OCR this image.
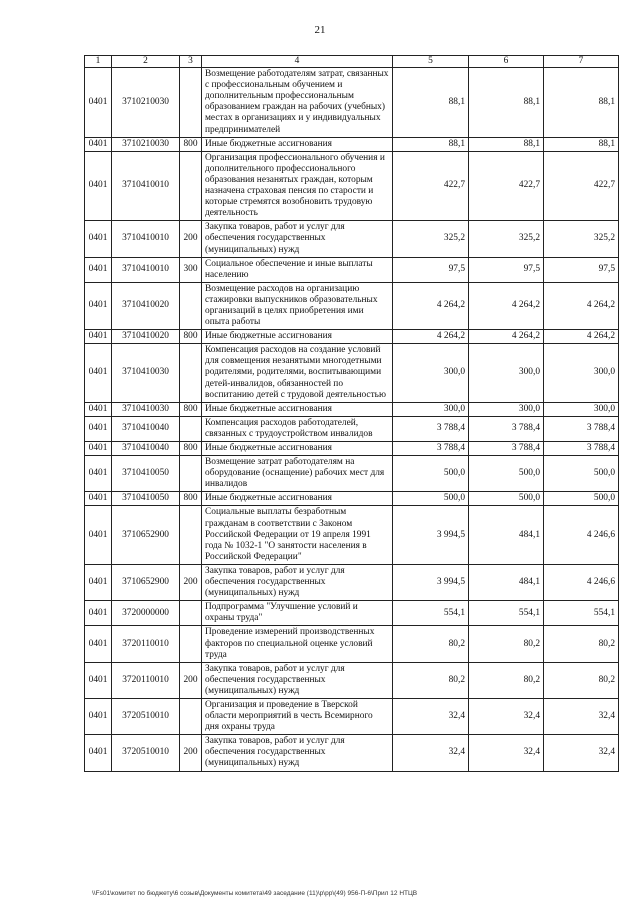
21
1	2	3	4	5	6	7
0401	3710210030		Возмещение работодателям затрат, связанных с профессиональным обучением и дополнительным профессиональным образованием граждан на рабочих (учебных) местах в организациях и у индивидуальных предпринимателей	88,1	88,1	88,1
0401	3710210030	800	Иные бюджетные ассигнования	88,1	88,1	88,1
0401	3710410010		Организация профессионального обучения и дополнительного профессионального образования незанятых граждан, которым назначена страховая пенсия по старости и которые стремятся возобновить трудовую деятельность	422,7	422,7	422,7
0401	3710410010	200	Закупка товаров, работ и услуг для обеспечения государственных (муниципальных) нужд	325,2	325,2	325,2
0401	3710410010	300	Социальное обеспечение и иные выплаты населению	97,5	97,5	97,5
0401	3710410020		Возмещение расходов на организацию стажировки выпускников образовательных организаций в целях приобретения ими опыта работы	4 264,2	4 264,2	4 264,2
0401	3710410020	800	Иные бюджетные ассигнования	4 264,2	4 264,2	4 264,2
0401	3710410030		Компенсация расходов на создание условий для совмещения незанятыми многодетными родителями, родителями, воспитывающими детей-инвалидов, обязанностей по воспитанию детей с трудовой деятельностью	300,0	300,0	300,0
0401	3710410030	800	Иные бюджетные ассигнования	300,0	300,0	300,0
0401	3710410040		Компенсация расходов работодателей, связанных с трудоустройством инвалидов	3 788,4	3 788,4	3 788,4
0401	3710410040	800	Иные бюджетные ассигнования	3 788,4	3 788,4	3 788,4
0401	3710410050		Возмещение затрат работодателям на оборудование (оснащение) рабочих мест для инвалидов	500,0	500,0	500,0
0401	3710410050	800	Иные бюджетные ассигнования	500,0	500,0	500,0
0401	3710652900		Социальные выплаты безработным гражданам в соответствии с Законом Российской Федерации от 19 апреля 1991 года № 1032-1 "О занятости населения в Российской Федерации"	3 994,5	484,1	4 246,6
0401	3710652900	200	Закупка товаров, работ и услуг для обеспечения государственных (муниципальных) нужд	3 994,5	484,1	4 246,6
0401	3720000000		Подпрограмма "Улучшение условий и охраны труда"	554,1	554,1	554,1
0401	3720110010		Проведение измерений производственных факторов по специальной оценке условий труда	80,2	80,2	80,2
0401	3720110010	200	Закупка товаров, работ и услуг для обеспечения государственных (муниципальных) нужд	80,2	80,2	80,2
0401	3720510010		Организация и проведение в Тверской области мероприятий в честь Всемирного дня охраны труда	32,4	32,4	32,4
0401	3720510010	200	Закупка товаров, работ и услуг для обеспечения государственных (муниципальных) нужд	32,4	32,4	32,4
\\Fs01\комитет по бюджету\6 созыв\Документы комитета\49 заседание (11)\р\рр\(49) 956-П-6\Прил 12 НТЦВ
